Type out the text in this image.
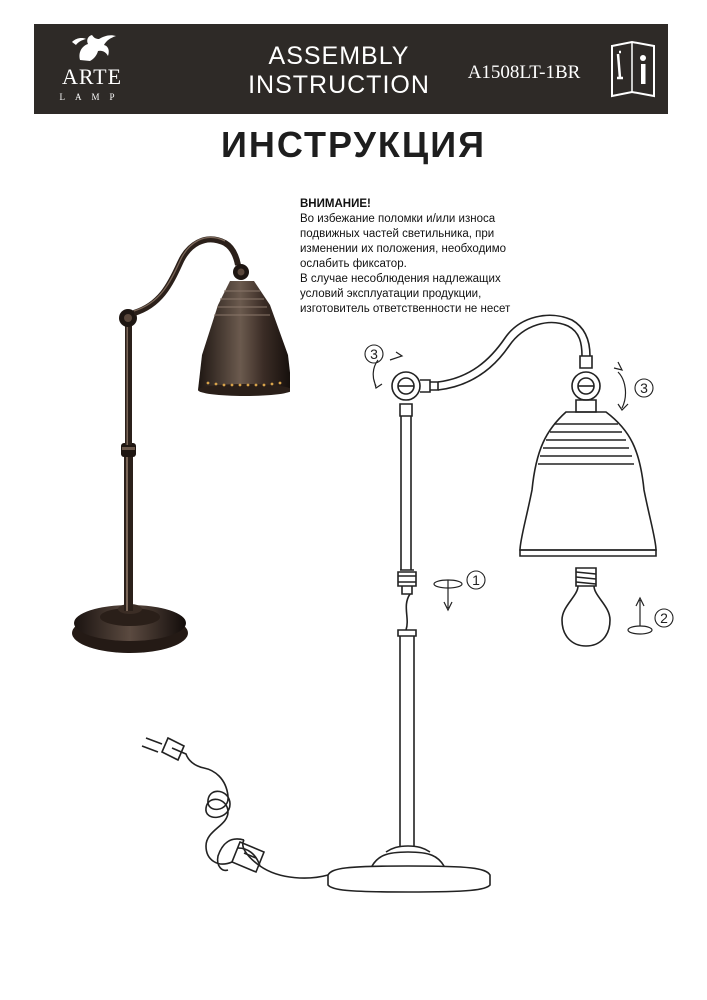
ARTE
LAMP
ASSEMBLY
INSTRUCTION	A1508LT-1BR
ИНСТРУКЦИЯ

ВНИМАНИЕ!

Во избежание поломки и/или износа

подвижных частей светильника, при

изменении их положения, необходимо

ослабить фиксатор.

В случае несоблюдения надлежащих

условий эксплуатации продукции,

изготовитель ответственности не несет

3
3
1
2
